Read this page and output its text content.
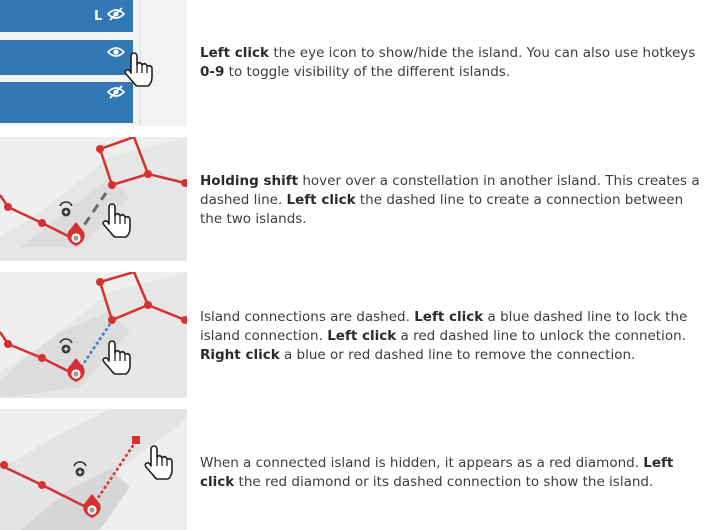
L

Left click the eye icon to show/hide the island. You can also use hotkeys 0-9 to toggle visibility of the different islands.

Holding shift hover over a constellation in another island. This creates a dashed line. Left click the dashed line to create a connection between the two islands.

Island connections are dashed. Left click a blue dashed line to lock the island connection. Left click a red dashed line to unlock the connetion. Right click a blue or red dashed line to remove the connection.

When a connected island is hidden, it appears as a red diamond. Left click the red diamond or its dashed connection to show the island.
